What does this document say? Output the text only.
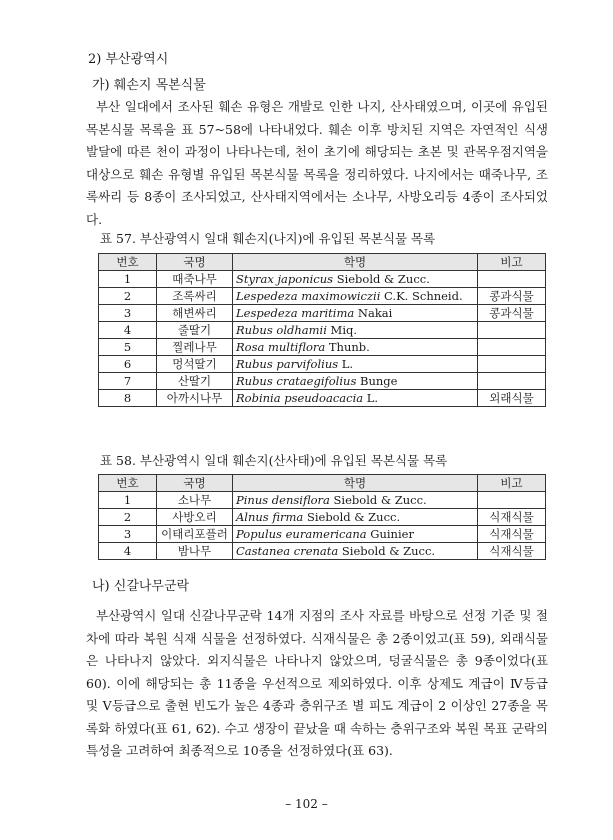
2) 부산광역시
가) 훼손지 목본식물

부산 일대에서 조사된 훼손 유형은 개발로 인한 나지, 산사태였으며, 이곳에 유입된 목본식물 목록을 표 57~58에 나타내었다. 훼손 이후 방치된 지역은 자연적인 식생 발달에 따른 천이 과정이 나타나는데, 천이 초기에 해당되는 초본 및 관목우점지역을 대상으로 훼손 유형별 유입된 목본식물 목록을 정리하였다. 나지에서는 때죽나무, 조록싸리 등 8종이 조사되었고, 산사태지역에서는 소나무, 사방오리등 4종이 조사되었다.

표 57. 부산광역시 일대 훼손지(나지)에 유입된 목본식물 목록
번호	국명	학명	비고
1	때죽나무	Styrax japonicus Siebold & Zucc.	
2	조록싸리	Lespedeza maximowiczii C.K. Schneid.	콩과식물
3	해변싸리	Lespedeza maritima Nakai	콩과식물
4	줄딸기	Rubus oldhamii Miq.	
5	찔레나무	Rosa multiflora Thunb.	
6	멍석딸기	Rubus parvifolius L.	
7	산딸기	Rubus crataegifolius Bunge	
8	아까시나무	Robinia pseudoacacia L.	외래식물
표 58. 부산광역시 일대 훼손지(산사태)에 유입된 목본식물 목록
번호	국명	학명	비고
1	소나무	Pinus densiflora Siebold & Zucc.	
2	사방오리	Alnus firma Siebold & Zucc.	식재식물
3	이태리포플러	Populus euramericana Guinier	식재식물
4	밤나무	Castanea crenata Siebold & Zucc.	식재식물
나) 신갈나무군락

부산광역시 일대 신갈나무군락 14개 지점의 조사 자료를 바탕으로 선정 기준 및 절차에 따라 복원 식재 식물을 선정하였다. 식재식물은 총 2종이었고(표 59), 외래식물은 나타나지 않았다. 외지식물은 나타나지 않았으며, 덩굴식물은 총 9종이었다(표 60). 이에 해당되는 총 11종을 우선적으로 제외하였다. 이후 상제도 계급이 Ⅳ등급 및 Ⅴ등급으로 출현 빈도가 높은 4종과 층위구조 별 피도 계급이 2 이상인 27종을 목록화 하였다(표 61, 62). 수고 생장이 끝났을 때 속하는 층위구조와 복원 목표 군락의 특성을 고려하여 최종적으로 10종을 선정하였다(표 63).

– 102 –
